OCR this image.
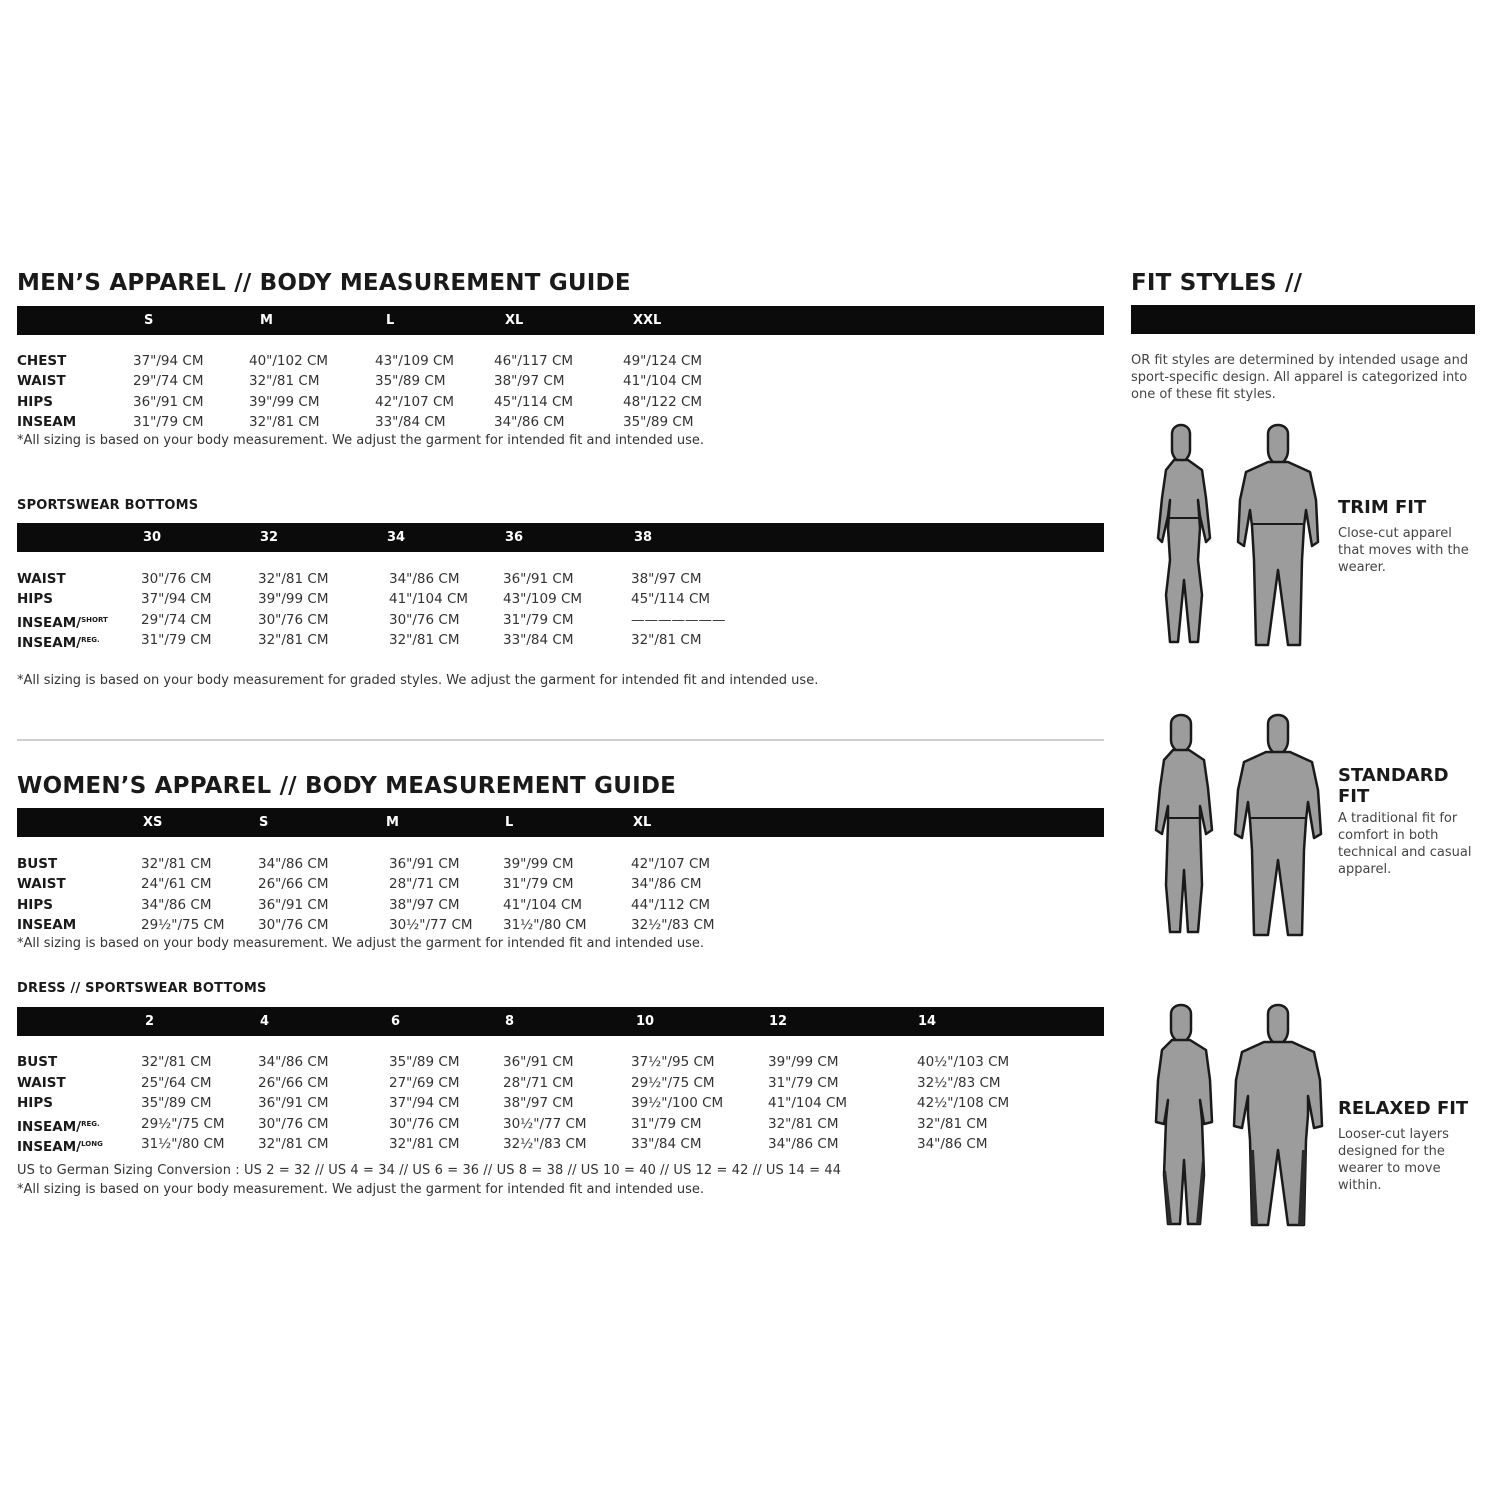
MEN’S APPAREL // BODY MEASUREMENT GUIDE
S	M	L	XL	XXL
CHEST	37"/94 CM	40"/102 CM	43"/109 CM	46"/117 CM	49"/124 CM
WAIST	29"/74 CM	32"/81 CM	35"/89 CM	38"/97 CM	41"/104 CM
HIPS	36"/91 CM	39"/99 CM	42"/107 CM	45"/114 CM	48"/122 CM
INSEAM	31"/79 CM	32"/81 CM	33"/84 CM	34"/86 CM	35"/89 CM
*All sizing is based on your body measurement. We adjust the garment for intended fit and intended use.
SPORTSWEAR BOTTOMS
30	32	34	36	38
WAIST	30"/76 CM	32"/81 CM	34"/86 CM	36"/91 CM	38"/97 CM
HIPS	37"/94 CM	39"/99 CM	41"/104 CM	43"/109 CM	45"/114 CM
INSEAM/$^{SHORT}$ 29"/74 CM	30"/76 CM	30"/76 CM	31"/79 CM	———————
INSEAM/$^{REG.}$	31"/79 CM	32"/81 CM	32"/81 CM	33"/84 CM	32"/81 CM
*All sizing is based on your body measurement for graded styles. We adjust the garment for intended fit and intended use.
WOMEN’S APPAREL // BODY MEASUREMENT GUIDE
XS	S	M	L	XL
BUST	32"/81 CM	34"/86 CM	36"/91 CM	39"/99 CM	42"/107 CM
WAIST	24"/61 CM	26"/66 CM	28"/71 CM	31"/79 CM	34"/86 CM
HIPS	34"/86 CM	36"/91 CM	38"/97 CM	41"/104 CM	44"/112 CM
INSEAM	29½"/75 CM 30"/76 CM	30½"/77 CM 31½"/80 CM	32½"/83 CM
*All sizing is based on your body measurement. We adjust the garment for intended fit and intended use.
DRESS // SPORTSWEAR BOTTOMS
2	4	6	8	10	12	14
BUST	32"/81 CM	34"/86 CM	35"/89 CM	36"/91 CM	37½"/95 CM	39"/99 CM	40½"/103 CM
WAIST	25"/64 CM	26"/66 CM	27"/69 CM	28"/71 CM	29½"/75 CM	31"/79 CM	32½"/83 CM
HIPS	35"/89 CM	36"/91 CM	37"/94 CM	38"/97 CM	39½"/100 CM	41"/104 CM	42½"/108 CM
INSEAM/$^{REG.}$	29½"/75 CM 30"/76 CM	30"/76 CM	30½"/77 CM	31"/79 CM	32"/81 CM	32"/81 CM
INSEAM/$^{LONG}$	31½"/80 CM 32"/81 CM	32"/81 CM	32½"/83 CM	33"/84 CM	34"/86 CM	34"/86 CM
US to German Sizing Conversion : US 2 = 32 // US 4 = 34 // US 6 = 36 // US 8 = 38 // US 10 = 40 // US 12 = 42 // US 14 = 44
*All sizing is based on your body measurement. We adjust the garment for intended fit and intended use.
FIT STYLES //
OR fit styles are determined by intended usage and sport-specific design. All apparel is categorized into one of these fit styles.
TRIM FIT
Close-cut apparel that moves with the wearer.
STANDARD FIT
A traditional fit for comfort in both technical and casual apparel.
RELAXED FIT
Looser-cut layers designed for the wearer to move within.
